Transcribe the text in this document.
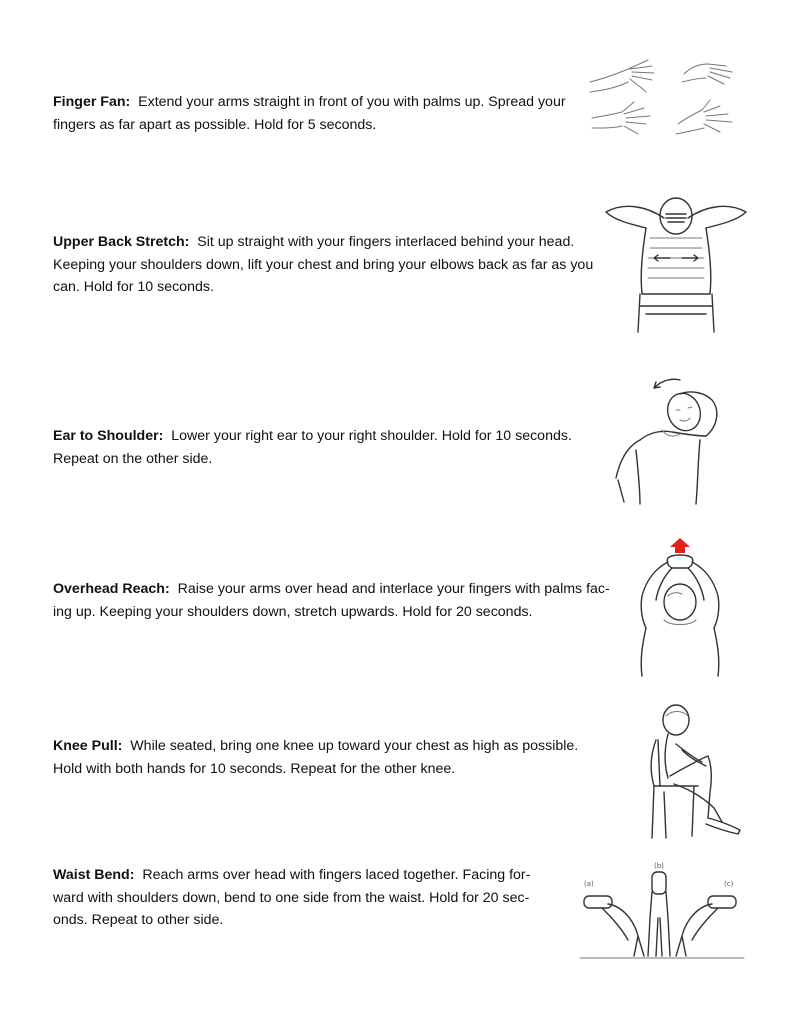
Finger Fan: Extend your arms straight in front of you with palms up. Spread your
fingers as far apart as possible. Hold for 5 seconds.
Upper Back Stretch: Sit up straight with your fingers interlaced behind your head.
Keeping your shoulders down, lift your chest and bring your elbows back as far as you
can. Hold for 10 seconds.
Ear to Shoulder: Lower your right ear to your right shoulder. Hold for 10 seconds.
Repeat on the other side.
Overhead Reach: Raise your arms over head and interlace your fingers with palms fac-
ing up. Keeping your shoulders down, stretch upwards. Hold for 20 seconds.
Knee Pull: While seated, bring one knee up toward your chest as high as possible.
Hold with both hands for 10 seconds. Repeat for the other knee.
Waist Bend: Reach arms over head with fingers laced together. Facing for-
ward with shoulders down, bend to one side from the waist. Hold for 20 sec-
onds. Repeat to other side.
(a)
(b)
(c)
